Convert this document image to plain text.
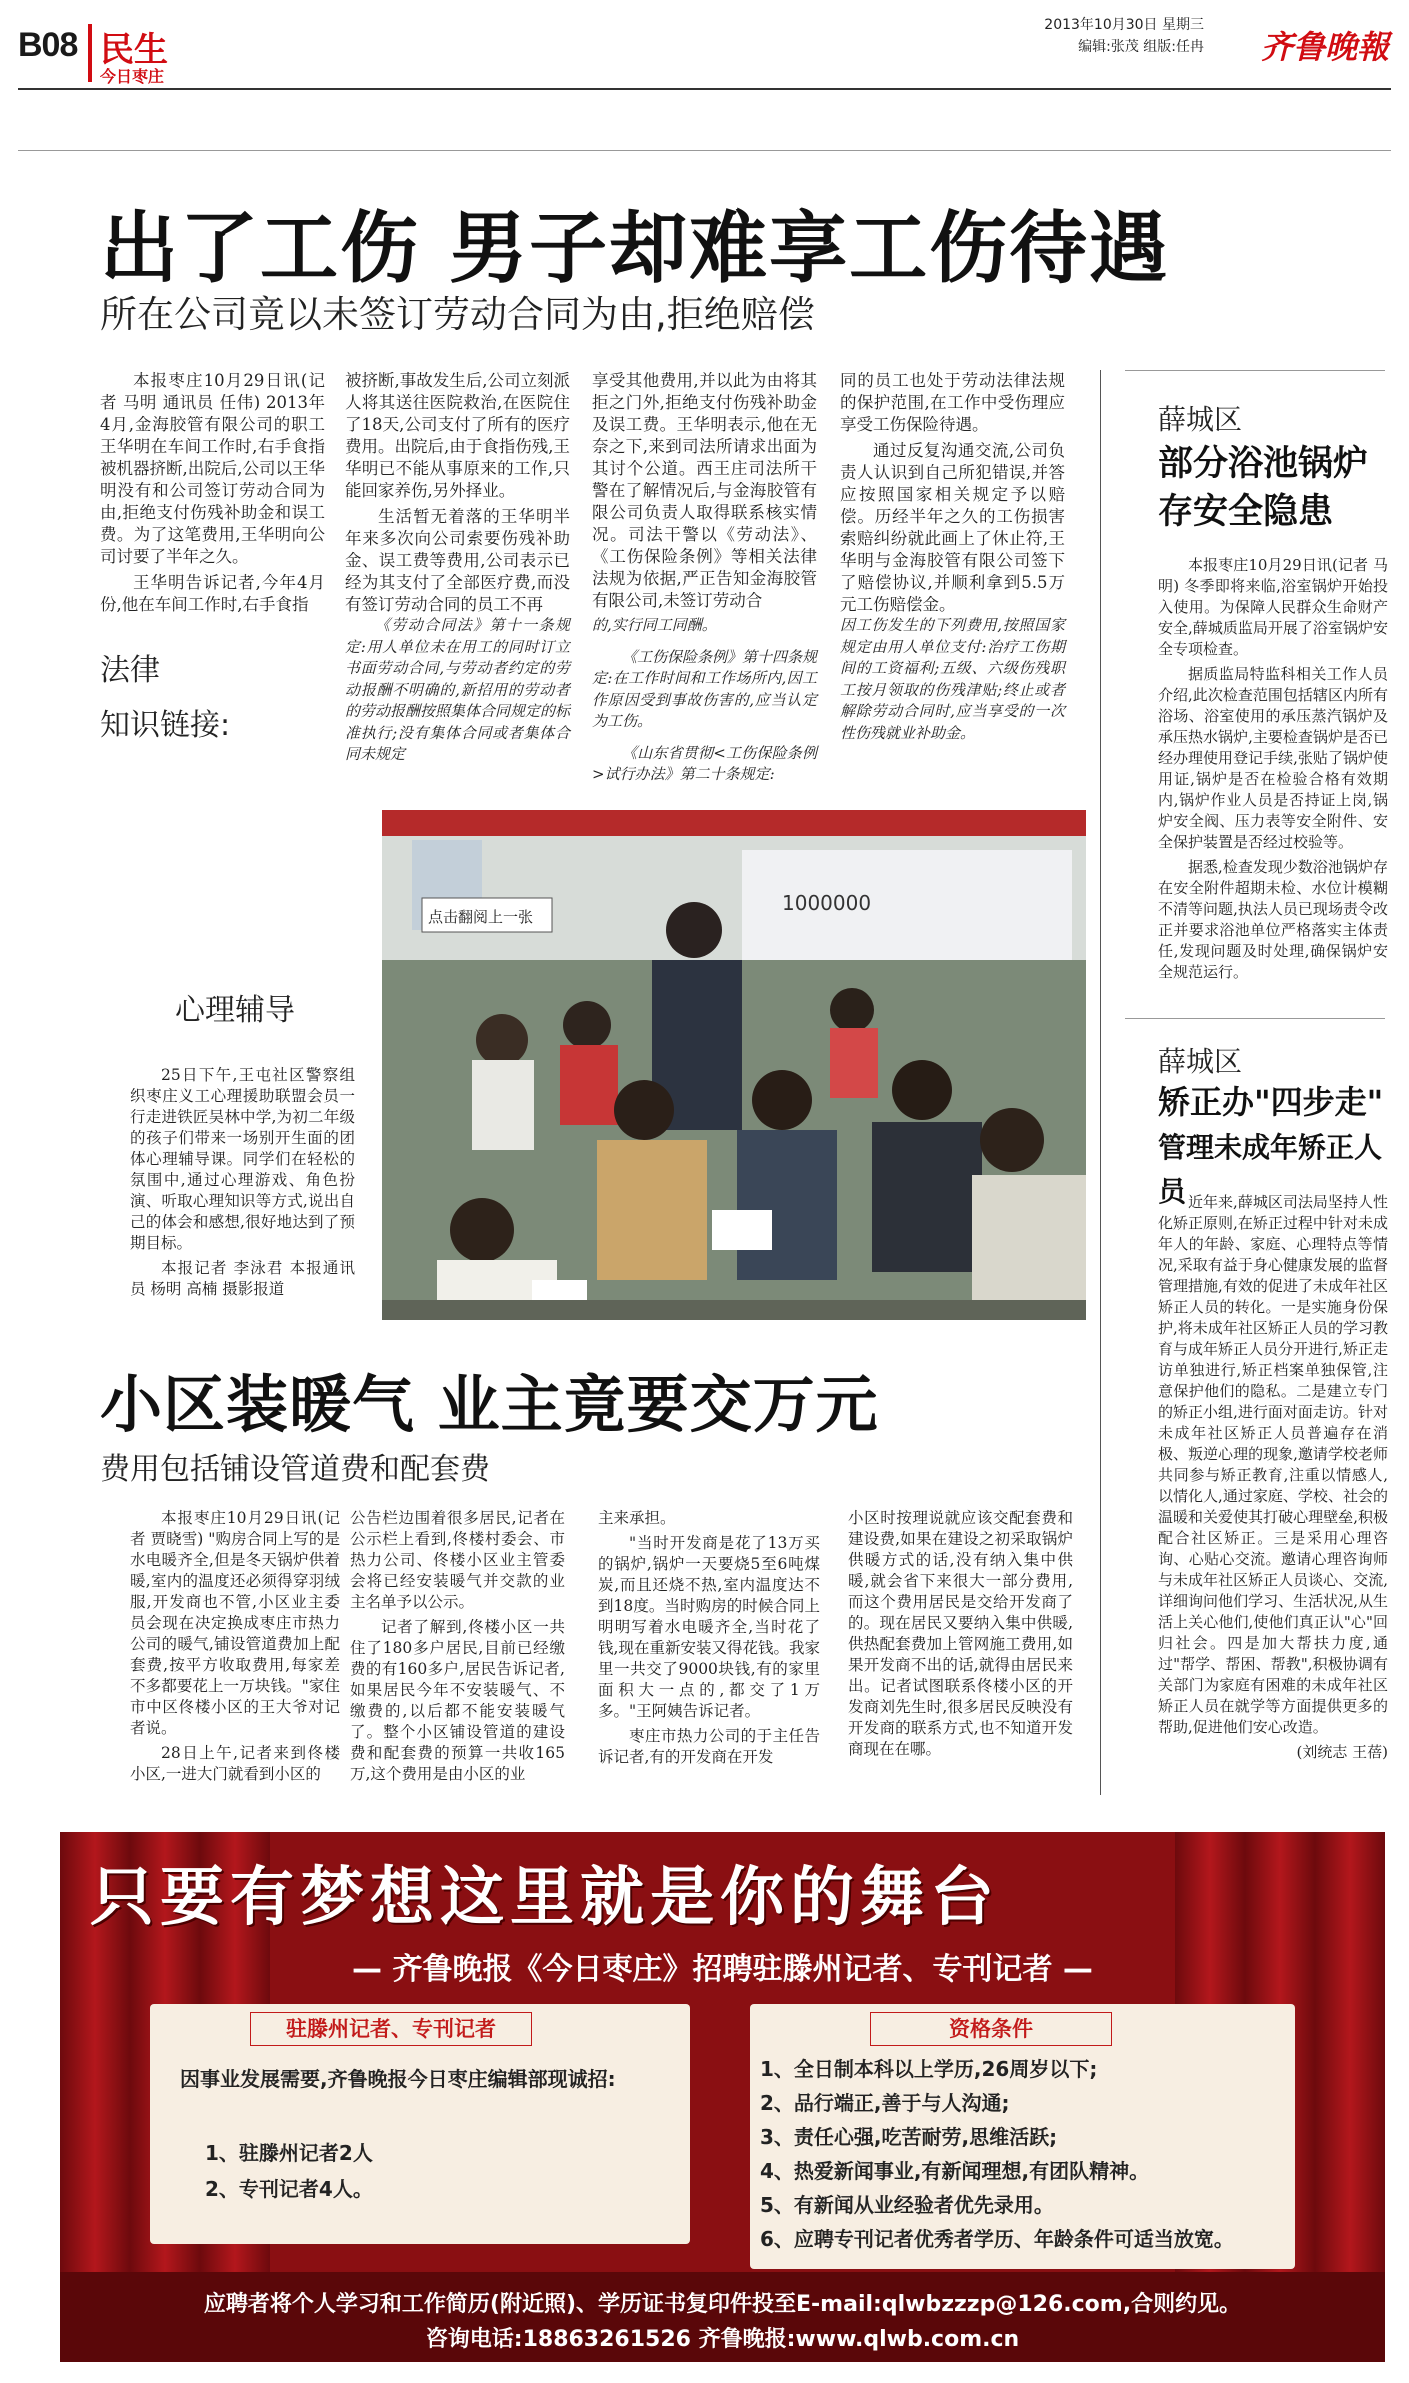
B08 民生
今日枣庄
2013年10月30日 星期三
编辑:张茂 组版:任冉 齐鲁晚報
出了工伤 男子却难享工伤待遇
所在公司竟以未签订劳动合同为由,拒绝赔偿

本报枣庄10月29日讯(记者 马明 通讯员 任伟) 2013年4月,金海胶管有限公司的职工王华明在车间工作时,右手食指被机器挤断,出院后,公司以王华明没有和公司签订劳动合同为由,拒绝支付伤残补助金和误工费。为了这笔费用,王华明向公司讨要了半年之久。

王华明告诉记者,今年4月份,他在车间工作时,右手食指

被挤断,事故发生后,公司立刻派人将其送往医院救治,在医院住了18天,公司支付了所有的医疗费用。出院后,由于食指伤残,王华明已不能从事原来的工作,只能回家养伤,另外择业。

生活暂无着落的王华明半年来多次向公司索要伤残补助金、误工费等费用,公司表示已经为其支付了全部医疗费,而没有签订劳动合同的员工不再

享受其他费用,并以此为由将其拒之门外,拒绝支付伤残补助金及误工费。王华明表示,他在无奈之下,来到司法所请求出面为其讨个公道。西王庄司法所干警在了解情况后,与金海胶管有限公司负责人取得联系核实情况。司法干警以《劳动法》、《工伤保险条例》等相关法律法规为依据,严正告知金海胶管有限公司,未签订劳动合

同的员工也处于劳动法律法规的保护范围,在工作中受伤理应享受工伤保险待遇。

通过反复沟通交流,公司负责人认识到自己所犯错误,并答应按照国家相关规定予以赔偿。历经半年之久的工伤损害索赔纠纷就此画上了休止符,王华明与金海胶管有限公司签下了赔偿协议,并顺利拿到5.5万元工伤赔偿金。

法律
知识链接:

《劳动合同法》第十一条规定:用人单位未在用工的同时订立书面劳动合同,与劳动者约定的劳动报酬不明确的,新招用的劳动者的劳动报酬按照集体合同规定的标准执行;没有集体合同或者集体合同未规定

的,实行同工同酬。

《工伤保险条例》第十四条规定:在工作时间和工作场所内,因工作原因受到事故伤害的,应当认定为工伤。

《山东省贯彻<工伤保险条例>试行办法》第二十条规定:

因工伤发生的下列费用,按照国家规定由用人单位支付:治疗工伤期间的工资福利;五级、六级伤残职工按月领取的伤残津贴;终止或者解除劳动合同时,应当享受的一次性伤残就业补助金。

1000000
点击翻阅上一张
心理辅导

25日下午,王屯社区警察组织枣庄义工心理援助联盟会员一行走进铁匠吴林中学,为初二年级的孩子们带来一场别开生面的团体心理辅导课。同学们在轻松的氛围中,通过心理游戏、角色扮演、听取心理知识等方式,说出自己的体会和感想,很好地达到了预期目标。

本报记者 李泳君 本报通讯员 杨明 高楠 摄影报道

小区装暖气 业主竟要交万元
费用包括铺设管道费和配套费

本报枣庄10月29日讯(记者 贾晓雪) "购房合同上写的是水电暖齐全,但是冬天锅炉供着暖,室内的温度还必须得穿羽绒服,开发商也不管,小区业主委员会现在决定换成枣庄市热力公司的暖气,铺设管道费加上配套费,按平方收取费用,每家差不多都要花上一万块钱。"家住市中区佟楼小区的王大爷对记者说。

28日上午,记者来到佟楼小区,一进大门就看到小区的

公告栏边围着很多居民,记者在公示栏上看到,佟楼村委会、市热力公司、佟楼小区业主管委会将已经安装暖气并交款的业主名单予以公示。

记者了解到,佟楼小区一共住了180多户居民,目前已经缴费的有160多户,居民告诉记者,如果居民今年不安装暖气、不缴费的,以后都不能安装暖气了。整个小区铺设管道的建设费和配套费的预算一共收165万,这个费用是由小区的业

主来承担。

"当时开发商是花了13万买的锅炉,锅炉一天要烧5至6吨煤炭,而且还烧不热,室内温度达不到18度。当时购房的时候合同上明明写着水电暖齐全,当时花了钱,现在重新安装又得花钱。我家里一共交了9000块钱,有的家里面积大一点的,都交了1万多。"王阿姨告诉记者。

枣庄市热力公司的于主任告诉记者,有的开发商在开发

小区时按理说就应该交配套费和建设费,如果在建设之初采取锅炉供暖方式的话,没有纳入集中供暖,就会省下来很大一部分费用,而这个费用居民是交给开发商了的。现在居民又要纳入集中供暖,供热配套费加上管网施工费用,如果开发商不出的话,就得由居民来出。记者试图联系佟楼小区的开发商刘先生时,很多居民反映没有开发商的联系方式,也不知道开发商现在在哪。

薛城区
部分浴池锅炉
存安全隐患

本报枣庄10月29日讯(记者 马明) 冬季即将来临,浴室锅炉开始投入使用。为保障人民群众生命财产安全,薛城质监局开展了浴室锅炉安全专项检查。

据质监局特监科相关工作人员介绍,此次检查范围包括辖区内所有浴场、浴室使用的承压蒸汽锅炉及承压热水锅炉,主要检查锅炉是否已经办理使用登记手续,张贴了锅炉使用证,锅炉是否在检验合格有效期内,锅炉作业人员是否持证上岗,锅炉安全阀、压力表等安全附件、安全保护装置是否经过校验等。

据悉,检查发现少数浴池锅炉存在安全附件超期未检、水位计模糊不清等问题,执法人员已现场责令改正并要求浴池单位严格落实主体责任,发现问题及时处理,确保锅炉安全规范运行。

薛城区
矫正办"四步走"
管理未成年矫正人员 近年来,薛城区司法局坚持人性化矫正原则,在矫正过程中针对未成年人的年龄、家庭、心理特点等情况,采取有益于身心健康发展的监督管理措施,有效的促进了未成年社区矫正人员的转化。一是实施身份保护,将未成年社区矫正人员的学习教育与成年矫正人员分开进行,矫正走访单独进行,矫正档案单独保管,注意保护他们的隐私。二是建立专门的矫正小组,进行面对面走访。针对未成年社区矫正人员普遍存在消极、叛逆心理的现象,邀请学校老师共同参与矫正教育,注重以情感人,以情化人,通过家庭、学校、社会的温暖和关爱使其打破心理壁垒,积极配合社区矫正。三是采用心理咨询、心贴心交流。邀请心理咨询师与未成年社区矫正人员谈心、交流,详细询问他们学习、生活状况,从生活上关心他们,使他们真正认"心"回归社会。四是加大帮扶力度,通过"帮学、帮困、帮教",积极协调有关部门为家庭有困难的未成年社区矫正人员在就学等方面提供更多的帮助,促进他们安心改造。

(刘统志 王蓓)

只要有梦想这里就是你的舞台
— 齐鲁晚报《今日枣庄》招聘驻滕州记者、专刊记者 —
驻滕州记者、专刊记者
因事业发展需要,齐鲁晚报今日枣庄编辑部现诚招:
1、驻滕州记者2人
2、专刊记者4人。
资格条件
1、全日制本科以上学历,26周岁以下;
2、品行端正,善于与人沟通;
3、责任心强,吃苦耐劳,思维活跃;
4、热爱新闻事业,有新闻理想,有团队精神。
5、有新闻从业经验者优先录用。
6、应聘专刊记者优秀者学历、年龄条件可适当放宽。
应聘者将个人学习和工作简历(附近照)、学历证书复印件投至E-mail:qlwbzzzp@126.com,合则约见。
咨询电话:18863261526 齐鲁晚报:www.qlwb.com.cn
